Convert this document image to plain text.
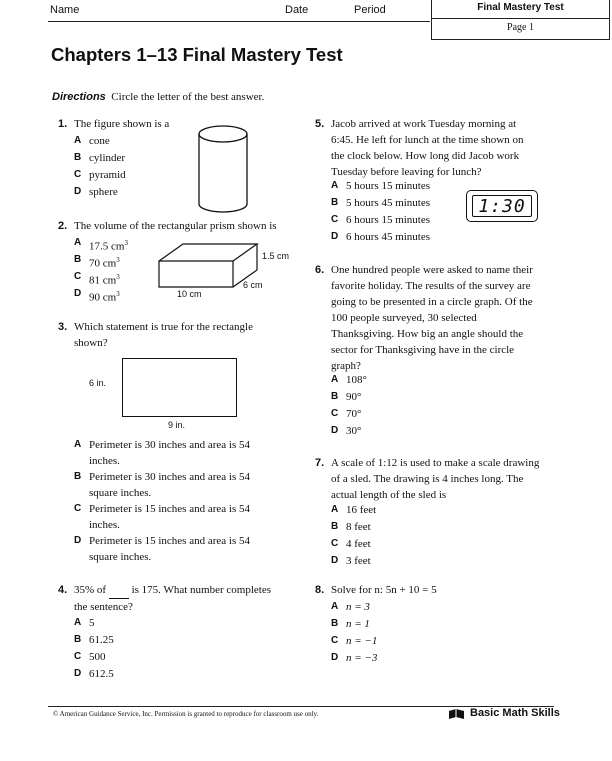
Name	Date	Period	Final Mastery Test
Page 1
Chapters 1–13 Final Mastery Test
Directions Circle the letter of the best answer.
1. The figure shown is a
A cone
B cylinder
C pyramid
D sphere
2. The volume of the rectangular prism shown is
A 17.5 $cm^3$
B 70 $cm^3$
C 81 $cm^3$
D 90 $cm^3$
1.5 cm
6 cm
10 cm
3. Which statement is true for the rectangle
shown?
6 in.
9 in.
A Perimeter is 30 inches and area is 54
inches.
B Perimeter is 30 inches and area is 54
square inches.
C Perimeter is 15 inches and area is 54
inches.
D Perimeter is 15 inches and area is 54
square inches.
4. 35% of is 175. What number completes
the sentence?
A 5
B 61.25
C 500
D 612.5
5. Jacob arrived at work Tuesday morning at
6:45. He left for lunch at the time shown on
the clock below. How long did Jacob work
Tuesday before leaving for lunch?
A 5 hours 15 minutes
B 5 hours 45 minutes
C 6 hours 15 minutes
D 6 hours 45 minutes
1:30
6. One hundred people were asked to name their
favorite holiday. The results of the survey are
going to be presented in a circle graph. Of the
100 people surveyed, 30 selected
Thanksgiving. How big an angle should the
sector for Thanksgiving have in the circle
graph?
A 108°
B 90°
C 70°
D 30°
7. A scale of 1:12 is used to make a scale drawing
of a sled. The drawing is 4 inches long. The
actual length of the sled is
A 16 feet
B 8 feet
C 4 feet
D 3 feet
8. Solve for n: 5n + 10 = 5
A n = 3
B n = 1
C n = −1
D n = −3
© American Guidance Service, Inc. Permission is granted to reproduce for classroom use only.	Basic Math Skills
